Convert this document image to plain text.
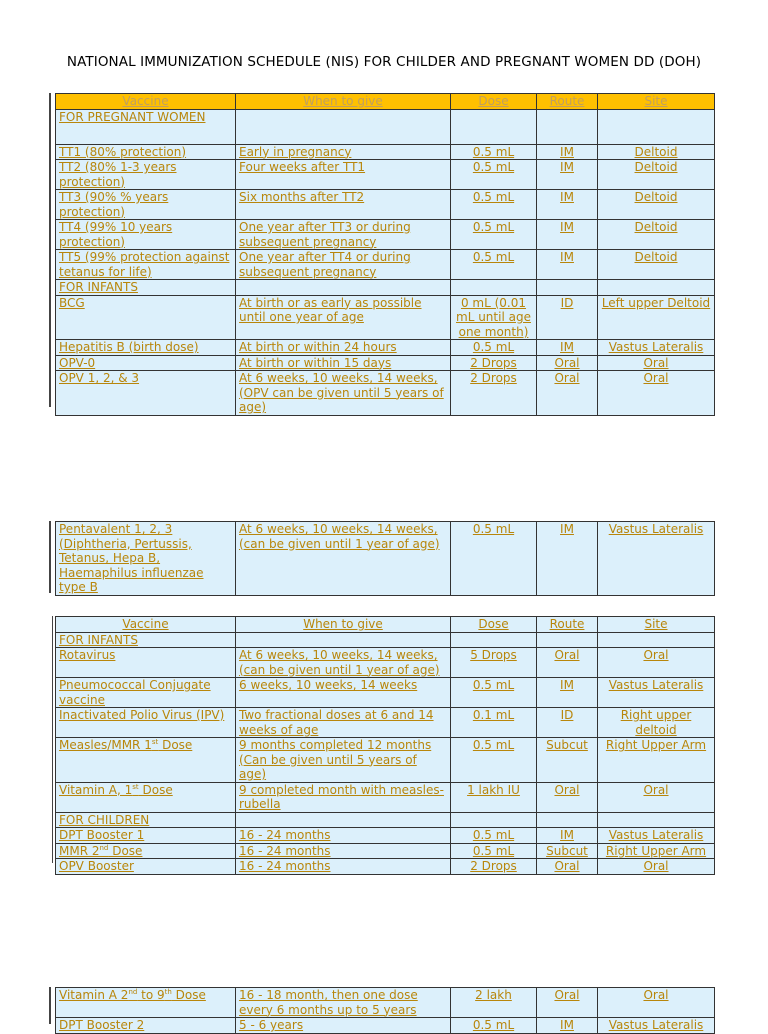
NATIONAL IMMUNIZATION SCHEDULE (NIS) FOR CHILDER AND PREGNANT WOMEN DD (DOH)
Vaccine	When to give	Dose	Route	Site
FOR PREGNANT WOMEN				
TT1 (80% protection)	Early in pregnancy	0.5 mL	IM	Deltoid
TT2 (80% 1-3 years protection)	Four weeks after TT1	0.5 mL	IM	Deltoid
TT3 (90% % years protection)	Six months after TT2	0.5 mL	IM	Deltoid
TT4 (99% 10 years protection)	One year after TT3 or during subsequent pregnancy	0.5 mL	IM	Deltoid
TT5 (99% protection against tetanus for life)	One year after TT4 or during subsequent pregnancy	0.5 mL	IM	Deltoid
FOR INFANTS				
BCG	At birth or as early as possible until one year of age	0 mL (0.01 mL until age one month)	ID	Left upper Deltoid
Hepatitis B (birth dose)	At birth or within 24 hours	0.5 mL	IM	Vastus Lateralis
OPV-0	At birth or within 15 days	2 Drops	Oral	Oral
OPV 1, 2, & 3	At 6 weeks, 10 weeks, 14 weeks, (OPV can be given until 5 years of age)	2 Drops	Oral	Oral
Pentavalent 1, 2, 3 (Diphtheria, Pertussis, Tetanus, Hepa B, Haemaphilus influenzae type B	At 6 weeks, 10 weeks, 14 weeks, (can be given until 1 year of age)	0.5 mL	IM	Vastus Lateralis
Vaccine	When to give	Dose	Route	Site
FOR INFANTS				
Rotavirus	At 6 weeks, 10 weeks, 14 weeks, (can be given until 1 year of age)	5 Drops	Oral	Oral
Pneumococcal Conjugate vaccine	6 weeks, 10 weeks, 14 weeks	0.5 mL	IM	Vastus Lateralis
Inactivated Polio Virus (IPV)	Two fractional doses at 6 and 14 weeks of age	0.1 mL	ID	Right upper deltoid
Measles/MMR 1st Dose	9 months completed 12 months (Can be given until 5 years of age)	0.5 mL	Subcut	Right Upper Arm
Vitamin A, 1st Dose	9 completed month with measles-rubella	1 lakh IU	Oral	Oral
FOR CHILDREN				
DPT Booster 1	16 - 24 months	0.5 mL	IM	Vastus Lateralis
MMR 2nd Dose	16 - 24 months	0.5 mL	Subcut	Right Upper Arm
OPV Booster	16 - 24 months	2 Drops	Oral	Oral
Vitamin A 2nd to 9th Dose	16 - 18 month, then one dose every 6 months up to 5 years	2 lakh	Oral	Oral
DPT Booster 2	5 - 6 years	0.5 mL	IM	Vastus Lateralis
